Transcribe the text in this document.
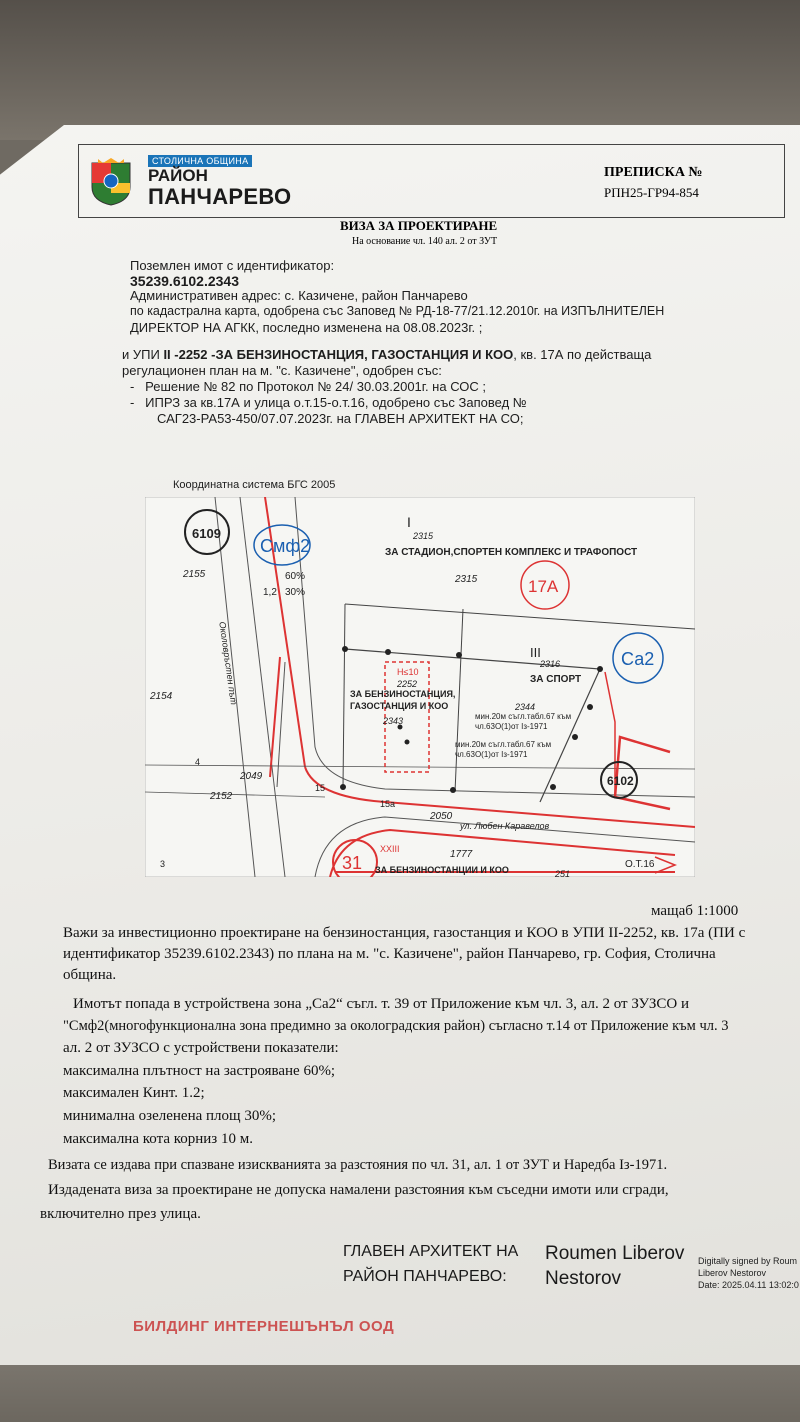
СТОЛИЧНА ОБЩИНА
РАЙОН
ПАНЧАРЕВО
ПРЕПИСКА №
РПН25-ГР94-854
ВИЗА ЗА ПРОЕКТИРАНЕ
На основание чл. 140 ал. 2 от ЗУТ
Поземлен имот с идентификатор:
35239.6102.2343
Административен адрес: с. Казичене, район Панчарево
по кадастрална карта, одобрена със Заповед № РД-18-77/21.12.2010г. на ИЗПЪЛНИТЕЛЕН
ДИРЕКТОР НА АГКК, последно изменена на 08.08.2023г. ;
и УПИ II -2252 -ЗА БЕНЗИНОСТАНЦИЯ, ГАЗОСТАНЦИЯ И КОО, кв. 17А по действаща
регулационен план на м. "с. Казичене", одобрен със:
-   Решение № 82 по Протокол № 24/ 30.03.2001г. на СОС ;
-   ИПРЗ за кв.17А и улица о.т.15-о.т.16, одобрено със Заповед №
САГ23-РА53-450/07.07.2023г. на ГЛАВЕН АРХИТЕКТ НА СО;
Координатна система БГС 2005
6109
Смф2
2155	60%
1,2 30%
I
2315
ЗА СТАДИОН,СПОРТЕН КОМПЛЕКС И ТРАФОПОСТ
2315	17А
Са2
III
2316
ЗА СПОРТ
H≤10
2252
ЗА БЕНЗИНОСТАНЦИЯ,
ГАЗОСТАНЦИЯ И КОО
2343
2344
мин.20м съгл.табл.67 към
чл.63О(1)от Із-1971
мин.20м съгл.табл.67 към
чл.63О(1)от Із-1971
6102
2154
2049
2152
2050
ул. Любен Каравелов
15
15а
4
3	31
XXIII	1777
ЗА БЕНЗИНОСТАНЦИИ И КОО	251
О.Т.16
Околовръстен път
мащаб 1:1000
Важи за инвестиционно проектиране на бензиностанция, газостанция и КОО в УПИ II-2252, кв. 17а (ПИ с
идентификатор 35239.6102.2343) по плана на м. "с. Казичене", район Панчарево, гр. София, Столична
община.
Имотът попада в устройствена зона „Са2“ съгл. т. 39 от Приложение към чл. 3, ал. 2 от ЗУЗСО и
"Смф2(многофункционална зона предимно за окологрaдския район) съгласно т.14 от Приложение към чл. 3
ал. 2 от ЗУЗСО с устройствени показатели:
максимална плътност на застрояване 60%;
максимален Кинт. 1.2;
минимална озеленена площ 30%;
максимална кота корниз 10 м.
Визата се издава при спазване изискванията за разстояния по чл. 31, ал. 1 от ЗУТ и Наредба Із-1971.
Издадената виза за проектиране не допуска намалени разстояния към съседни имоти или сгради,
включително през улица.
ГЛАВЕН АРХИТЕКТ НА
РАЙОН ПАНЧАРЕВО:
Roumen Liberov
Nestorov
Digitally signed by Roum
Liberov Nestorov
Date: 2025.04.11 13:02:0
БИЛДИНГ ИНТЕРНЕШЪНЪЛ ООД
